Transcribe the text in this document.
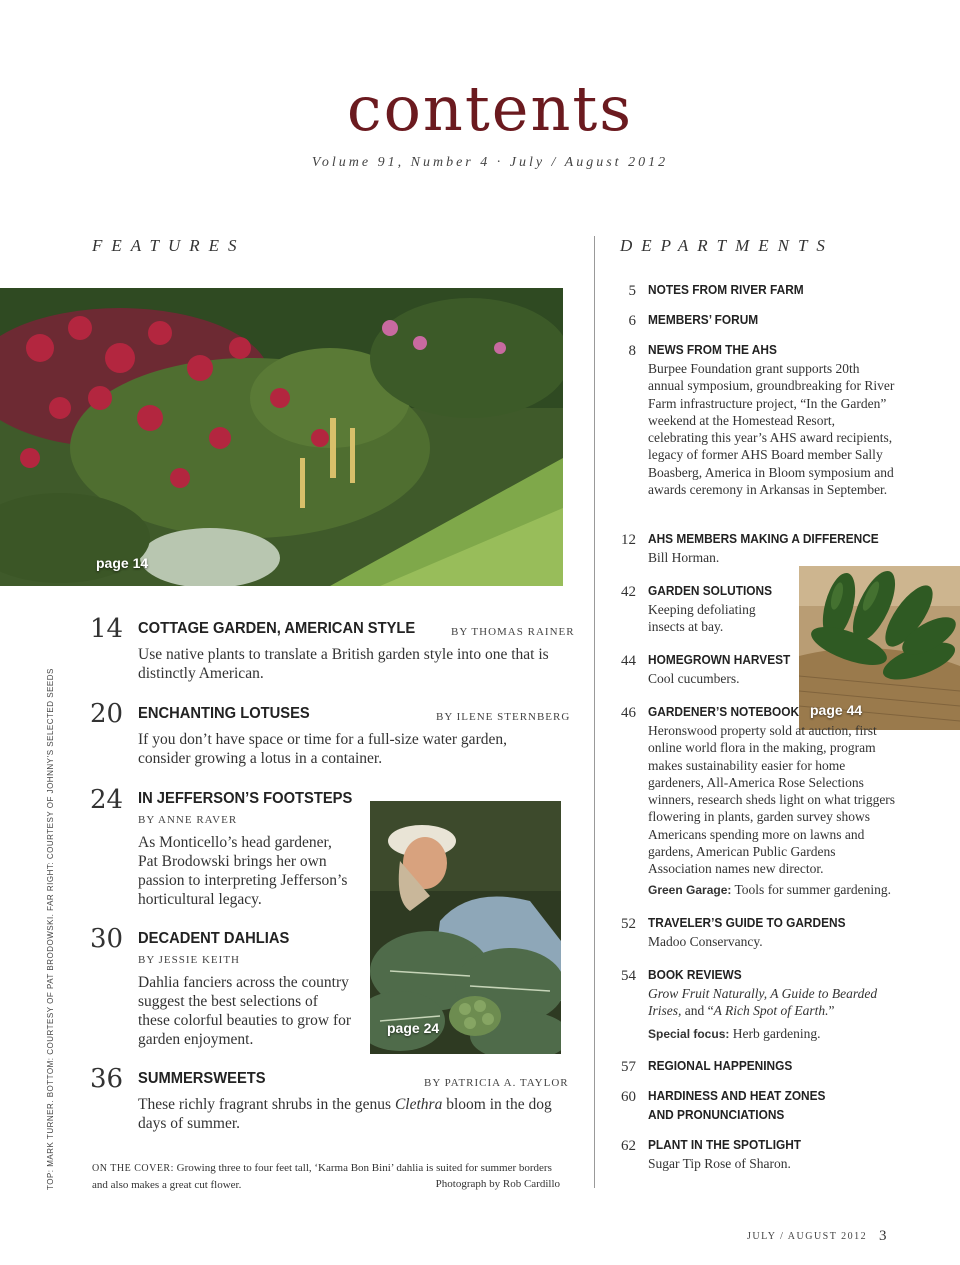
contents
Volume 91, Number 4 · July / August 2012
FEATURES	DEPARTMENTS
page 14
14 COTTAGE GARDEN, AMERICAN STYLE	BY THOMAS RAINER
Use native plants to translate a British garden style into one that is distinctly American.
20 ENCHANTING LOTUSES	BY ILENE STERNBERG
If you don’t have space or time for a full-size water garden, consider growing a lotus in a container.
24 IN JEFFERSON’S FOOTSTEPS
BY ANNE RAVER
As Monticello’s head gardener, Pat Brodowski brings her own passion to interpreting Jefferson’s horticultural legacy.
page 24
30 DECADENT DAHLIAS
BY JESSIE KEITH
Dahlia fanciers across the country suggest the best selections of these colorful beauties to grow for garden enjoyment.
36 SUMMERSWEETS	BY PATRICIA A. TAYLOR
These richly fragrant shrubs in the genus Clethra bloom in the dog days of summer.
ON THE COVER: Growing three to four feet tall, ‘Karma Bon Bini’ dahlia is suited for summer borders and also makes a great cut flower.	Photograph by Rob Cardillo
TOP: MARK TURNER. BOTTOM: COURTESY OF PAT BRODOWSKI. FAR RIGHT: COURTESY OF JOHNNY’S SELECTED SEEDS
5 NOTES FROM RIVER FARM
6 MEMBERS’ FORUM
8 NEWS FROM THE AHS
Burpee Foundation grant supports 20th annual symposium, groundbreaking for River Farm infrastructure project, “In the Garden” weekend at the Homestead Resort, celebrating this year’s AHS award recipients, legacy of former AHS Board member Sally Boasberg, America in Bloom symposium and awards ceremony in Arkansas in September.
12 AHS MEMBERS MAKING A DIFFERENCE
Bill Horman.
page 44
42 GARDEN SOLUTIONS
Keeping defoliating insects at bay.
44 HOMEGROWN HARVEST
Cool cucumbers.
46 GARDENER’S NOTEBOOK
Heronswood property sold at auction, first online world flora in the making, program makes sustainability easier for home gardeners, All-America Rose Selections winners, research sheds light on what triggers flowering in plants, garden survey shows Americans spending more on lawns and gardens, American Public Gardens Association names new director.
Green Garage: Tools for summer gardening.
52 TRAVELER’S GUIDE TO GARDENS
Madoo Conservancy.
54 BOOK REVIEWS
Grow Fruit Naturally, A Guide to Bearded Irises, and “A Rich Spot of Earth.”
Special focus: Herb gardening.
57 REGIONAL HAPPENINGS
60 HARDINESS AND HEAT ZONES
AND PRONUNCIATIONS
62 PLANT IN THE SPOTLIGHT
Sugar Tip Rose of Sharon.
JULY / AUGUST 2012 3
